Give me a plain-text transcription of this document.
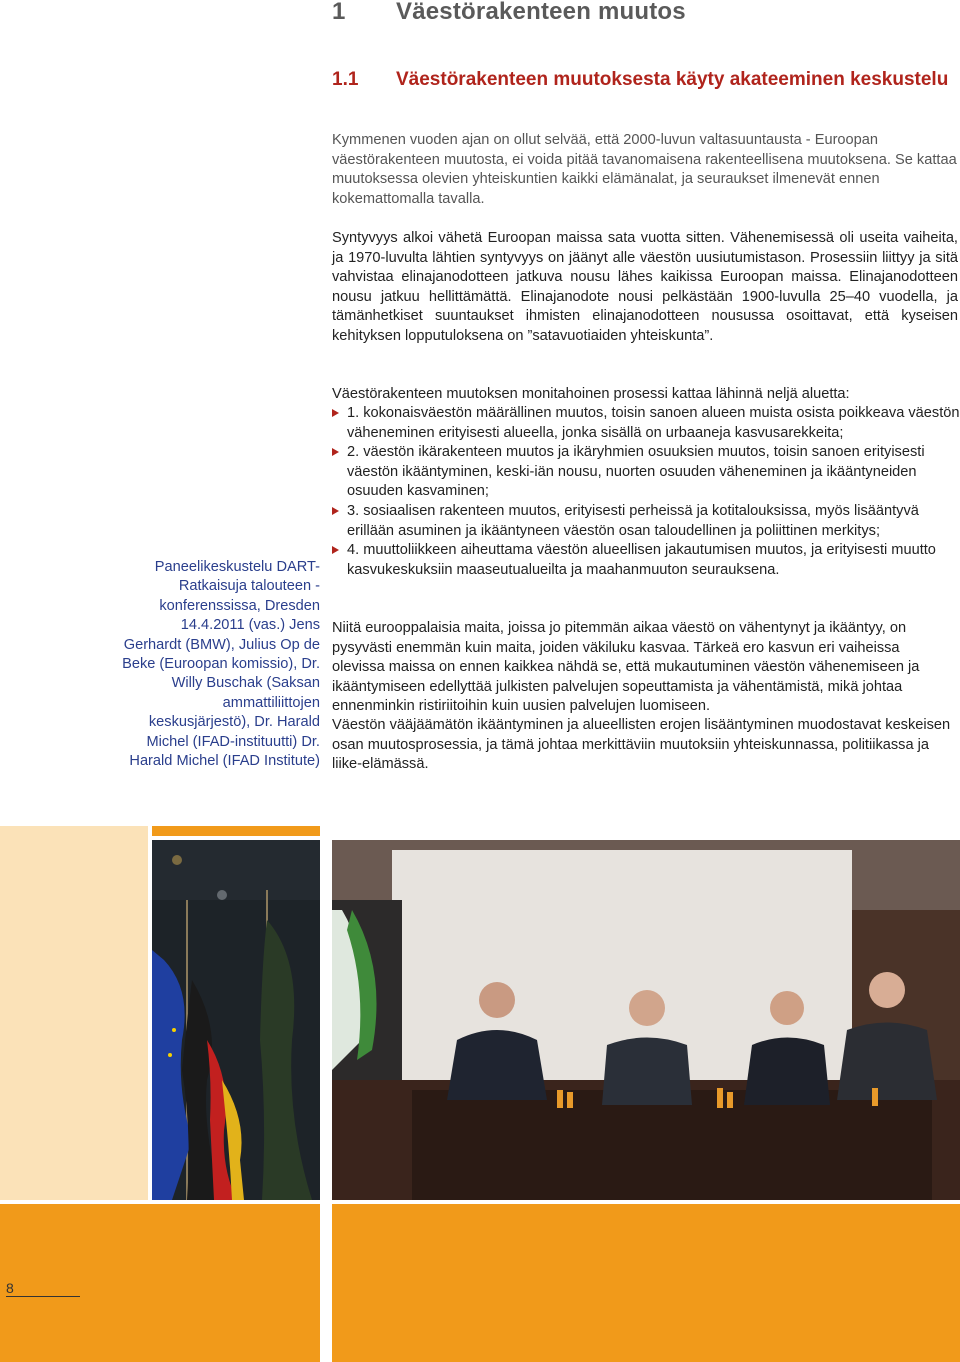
1 Väestörakenteen muutos
1.1	Väestörakenteen muutoksesta käyty akateeminen keskustelu

Kymmenen vuoden ajan on ollut selvää, että 2000-luvun valtasuuntausta - Euroopan väestörakenteen muutosta, ei voida pitää tavanomaisena rakenteellisena muutoksena. Se kattaa muutoksessa olevien yhteiskuntien kaikki elämänalat, ja seuraukset ilmenevät ennen kokemattomalla tavalla.

Syntyvyys alkoi vähetä Euroopan maissa sata vuotta sitten. Vähenemisessä oli useita vaiheita, ja 1970-luvulta lähtien syntyvyys on jäänyt alle väestön uusiutumistason. Prosessiin liittyy ja sitä vahvistaa elinajanodotteen jatkuva nousu lähes kaikissa Euroopan maissa. Elinajanodotteen nousu jatkuu hellittämättä. Elinajanodote nousi pelkästään 1900-luvulla 25–40 vuodella, ja tämänhetkiset suuntaukset ihmisten elinajanodotteen nousussa osoittavat, että kyseisen kehityksen lopputuloksena on ”satavuotiaiden yhteiskunta”.

Väestörakenteen muutoksen monitahoinen prosessi kattaa lähinnä neljä aluetta:

1. kokonaisväestön määrällinen muutos, toisin sanoen alueen muista osista poikkeava väestön väheneminen erityisesti alueella, jonka sisällä on urbaaneja kasvusarekkeita;
2. väestön ikärakenteen muutos ja ikäryhmien osuuksien muutos, toisin sanoen erityisesti väestön ikääntyminen, keski-iän nousu, nuorten osuuden väheneminen ja ikääntyneiden osuuden kasvaminen;
3. sosiaalisen rakenteen muutos, erityisesti perheissä ja kotitalouksissa, myös lisääntyvä erillään asuminen ja ikääntyneen väestön osan taloudellinen ja poliittinen merkitys;
4. muuttoliikkeen aiheuttama väestön alueellisen jakautumisen muutos, ja erityisesti muutto kasvukeskuksiin maaseutualueilta ja maahanmuuton seurauksena.

Niitä eurooppalaisia maita, joissa jo pitemmän aikaa väestö on vähentynyt ja ikääntyy, on pysyvästi enemmän kuin maita, joiden väkiluku kasvaa. Tärkeä ero kasvun eri vaiheissa olevissa maissa on ennen kaikkea nähdä se, että mukautuminen väestön vähenemiseen ja ikääntymiseen edellyttää julkisten palvelujen sopeuttamista ja vähentämistä, mikä johtaa ennenminkin ristiriitoihin kuin uusien palvelujen luomiseen.

Väestön vääjäämätön ikääntyminen ja alueellisten erojen lisääntyminen muodostavat keskeisen osan muutosprosessia, ja tämä johtaa merkittäviin muutoksiin yhteiskunnassa, politiikassa ja liike-elämässä.

Paneelikeskustelu DART-Ratkaisuja talouteen -konferenssissa, Dresden 14.4.2011 (vas.) Jens Gerhardt (BMW), Julius Op de Beke (Euroopan komissio), Dr. Willy Buschak (Saksan ammattiliittojen keskusjärjestö), Dr. Harald Michel (IFAD-instituutti) Dr. Harald Michel (IFAD Institute)
8
